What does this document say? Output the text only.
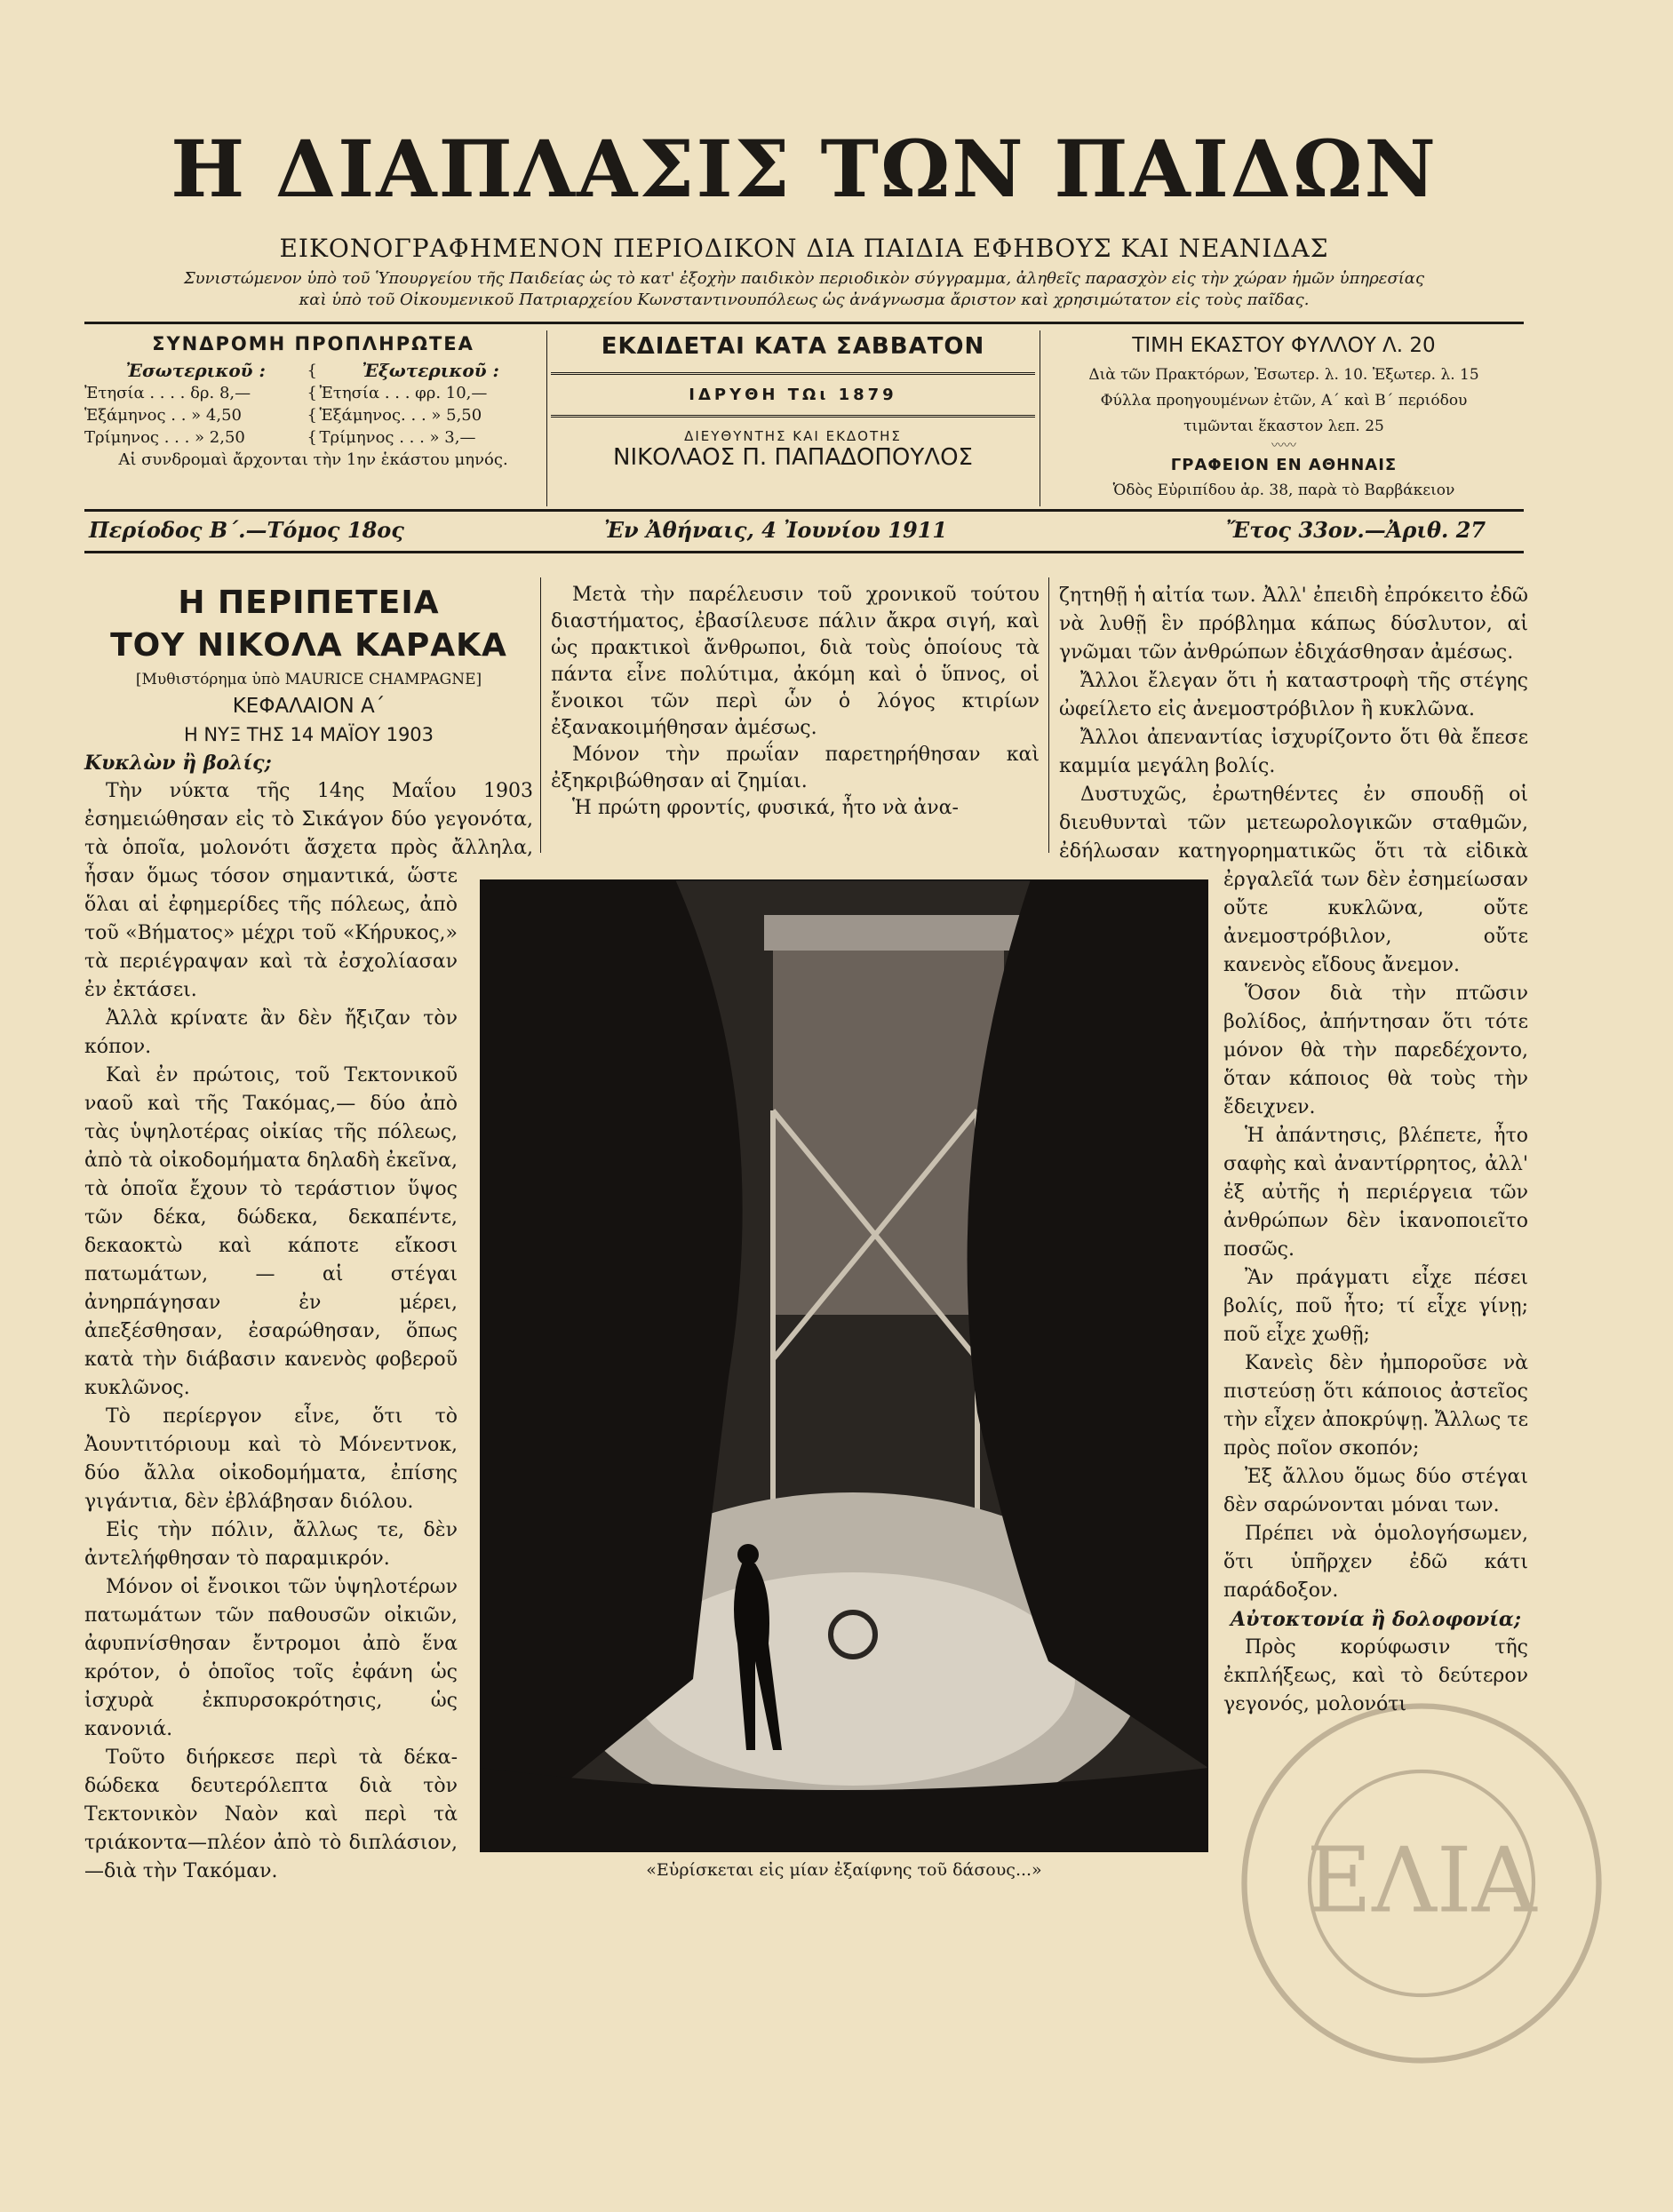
Η ΔΙΑΠΛΑΣΙΣ ΤΩΝ ΠΑΙΔΩΝ
ΕΙΚΟΝΟΓΡΑΦΗΜΕΝΟΝ ΠΕΡΙΟΔΙΚΟΝ ΔΙΑ ΠΑΙΔΙΑ ΕΦΗΒΟΥΣ ΚΑΙ ΝΕΑΝΙΔΑΣ
Συνιστώμενον ὑπὸ τοῦ Ὑπουργείου τῆς Παιδείας ὡς τὸ κατ' ἐξοχὴν παιδικὸν περιοδικὸν σύγγραμμα, ἀληθεῖς παρασχὸν εἰς τὴν χώραν ἡμῶν ὑπηρεσίας
καὶ ὑπὸ τοῦ Οἰκουμενικοῦ Πατριαρχείου Κωνσταντινουπόλεως ὡς ἀνάγνωσμα ἄριστον καὶ χρησιμώτατον εἰς τοὺς παῖδας.
ΣΥΝΔΡΟΜΗ ΠΡΟΠΛΗΡΩΤΕΑ
Ἐσωτερικοῦ :	{	Ἐξωτερικοῦ :
Ἐτησία . . . . δρ. 8,—	{ Ἐτησία . . . φρ. 10,—
Ἑξάμηνος . . » 4,50	{ Ἑξάμηνος. . . » 5,50
Τρίμηνος . . . » 2,50	{ Τρίμηνος . . . » 3,—
Αἱ συνδρομαὶ ἄρχονται τὴν 1ην ἑκάστου μηνός.
ΕΚΔΙΔΕΤΑΙ ΚΑΤΑ ΣΑΒΒΑΤΟΝ
ΙΔΡΥΘΗ ΤΩι 1879
ΔΙΕΥΘΥΝΤΗΣ ΚΑΙ ΕΚΔΟΤΗΣ
ΝΙΚΟΛΑΟΣ Π. ΠΑΠΑΔΟΠΟΥΛΟΣ
ΤΙΜΗ ΕΚΑΣΤΟΥ ΦΥΛΛΟΥ Λ. 20
Διὰ τῶν Πρακτόρων, Ἐσωτερ. λ. 10. Ἐξωτερ. λ. 15
Φύλλα προηγουμένων ἐτῶν, Α΄ καὶ Β΄ περιόδου
τιμῶνται ἕκαστον λεπ. 25
〰〰
ΓΡΑΦΕΙΟΝ ΕΝ ΑΘΗΝΑΙΣ
Ὁδὸς Εὐριπίδου ἀρ. 38, παρὰ τὸ Βαρβάκειον
Περίοδος Β΄.—Τόμος 18ος	Ἐν Ἀθήναις, 4 Ἰουνίου 1911	Ἔτος 33ον.—Ἀριθ. 27
ΕΛΙΑ
Η ΠΕΡΙΠΕΤΕΙΑ
ΤΟΥ ΝΙΚΟΛΑ ΚΑΡΑΚΑ
[Μυθιστόρημα ὑπὸ MAURICE CHAMPAGNE]
ΚΕΦΑΛΑΙΟΝ Α΄
Η ΝΥΞ ΤΗΣ 14 ΜΑΪΟΥ 1903
Κυκλὼν ἢ βολίς;

Τὴν νύκτα τῆς 14ης Μαΐου 1903 ἐσημειώθησαν εἰς τὸ Σικάγον δύο γεγονότα, τὰ ὁποῖα, μολονότι ἄσχετα πρὸς ἄλληλα, ἦσαν ὅμως τόσον σημαντικά, ὥστε ὅλαι αἱ ἐφημερίδες τῆς πόλεως, ἀπὸ τοῦ «Βήματος» μέχρι τοῦ «Κήρυκος,» τὰ περιέγραψαν καὶ τὰ ἐσχολίασαν ἐν ἐκτάσει.

Ἀλλὰ κρίνατε ἂν δὲν ἤξιζαν τὸν κόπον.

Καὶ ἐν πρώτοις, τοῦ Τεκτονικοῦ ναοῦ καὶ τῆς Τακόμας,— δύο ἀπὸ τὰς ὑψηλοτέρας οἰκίας τῆς πόλεως, ἀπὸ τὰ οἰκοδομήματα δηλαδὴ ἐκεῖνα, τὰ ὁποῖα ἔχουν τὸ τεράστιον ὕψος τῶν δέκα, δώδεκα, δεκαπέντε, δεκαοκτὼ καὶ κάποτε εἴκοσι πατωμάτων, — αἱ στέγαι ἀνηρπάγησαν ἐν μέρει, ἀπεξέσθησαν, ἐσαρώθησαν, ὅπως κατὰ τὴν διάβασιν κανενὸς φοβεροῦ κυκλῶνος.

Τὸ περίεργον εἶνε, ὅτι τὸ Ἀουντιτόριουμ καὶ τὸ Μόνεντνοκ, δύο ἄλλα οἰκοδομήματα, ἐπίσης γιγάντια, δὲν ἐβλάβησαν διόλου.

Εἰς τὴν πόλιν, ἄλλως τε, δὲν ἀντελήφθησαν τὸ παραμικρόν.

Μόνον οἱ ἔνοικοι τῶν ὑψηλοτέρων πατωμάτων τῶν παθουσῶν οἰκιῶν, ἀφυπνίσθησαν ἔντρομοι ἀπὸ ἕνα κρότον, ὁ ὁποῖος τοῖς ἐφάνη ὡς ἰσχυρὰ ἐκπυρσοκρότησις, ὡς κανονιά.

Τοῦτο διήρκεσε περὶ τὰ δέκα-δώδεκα δευτερόλεπτα διὰ τὸν Τεκτονικὸν Ναὸν καὶ περὶ τὰ τριάκοντα—πλέον ἀπὸ τὸ διπλάσιον,—διὰ τὴν Τακόμαν.

Μετὰ τὴν παρέλευσιν τοῦ χρονικοῦ τούτου διαστήματος, ἐβασίλευσε πάλιν ἄκρα σιγή, καὶ ὡς πρακτικοὶ ἄνθρωποι, διὰ τοὺς ὁποίους τὰ πάντα εἶνε πολύτιμα, ἀκόμη καὶ ὁ ὕπνος, οἱ ἔνοικοι τῶν περὶ ὧν ὁ λόγος κτιρίων ἐξανακοιμήθησαν ἀμέσως.

Μόνον τὴν πρωΐαν παρετηρήθησαν καὶ ἐξηκριβώθησαν αἱ ζημίαι.

Ἡ πρώτη φροντίς, φυσικά, ἦτο νὰ ἀνα-

ζητηθῇ ἡ αἰτία των. Ἀλλ' ἐπειδὴ ἐπρόκειτο ἐδῶ νὰ λυθῇ ἓν πρόβλημα κάπως δύσλυτον, αἱ γνῶμαι τῶν ἀνθρώπων ἐδιχάσθησαν ἀμέσως.

Ἄλλοι ἔλεγαν ὅτι ἡ καταστροφὴ τῆς στέγης ὠφείλετο εἰς ἀνεμοστρόβιλον ἢ κυκλῶνα.

Ἄλλοι ἀπεναντίας ἰσχυρίζοντο ὅτι θὰ ἔπεσε καμμία μεγάλη βολίς.

Δυστυχῶς, ἐρωτηθέντες ἐν σπουδῇ οἱ διευθυνταὶ τῶν μετεωρολογικῶν σταθμῶν, ἐδήλωσαν κατηγορηματικῶς ὅτι τὰ εἰδικὰ ἐργαλεῖά των δὲν ἐσημείωσαν οὔτε κυκλῶνα, οὔτε ἀνεμοστρόβιλον, οὔτε κανενὸς εἴδους ἄνεμον.

Ὅσον διὰ τὴν πτῶσιν βολίδος, ἀπήντησαν ὅτι τότε μόνον θὰ τὴν παρεδέχοντο, ὅταν κάποιος θὰ τοὺς τὴν ἔδειχνεν.

Ἡ ἀπάντησις, βλέπετε, ἦτο σαφὴς καὶ ἀναντίρρητος, ἀλλ' ἐξ αὐτῆς ἡ περιέργεια τῶν ἀνθρώπων δὲν ἱκανοποιεῖτο ποσῶς.

Ἂν πράγματι εἶχε πέσει βολίς, ποῦ ἦτο; τί εἶχε γίνῃ; ποῦ εἶχε χωθῇ;

Κανεὶς δὲν ἠμποροῦσε νὰ πιστεύσῃ ὅτι κάποιος ἀστεῖος τὴν εἶχεν ἀποκρύψῃ. Ἄλλως τε πρὸς ποῖον σκοπόν;

Ἐξ ἄλλου ὅμως δύο στέγαι δὲν σαρώνονται μόναι των.

Πρέπει νὰ ὁμολογήσωμεν, ὅτι ὑπῆρχεν ἐδῶ κάτι παράδοξον.

Αὐτοκτονία ἢ δολοφονία;

Πρὸς κορύφωσιν τῆς ἐκπλήξεως, καὶ τὸ δεύτερον γεγονός, μολονότι

«Εὑρίσκεται εἰς μίαν ἐξαίφνης τοῦ δάσους...»
